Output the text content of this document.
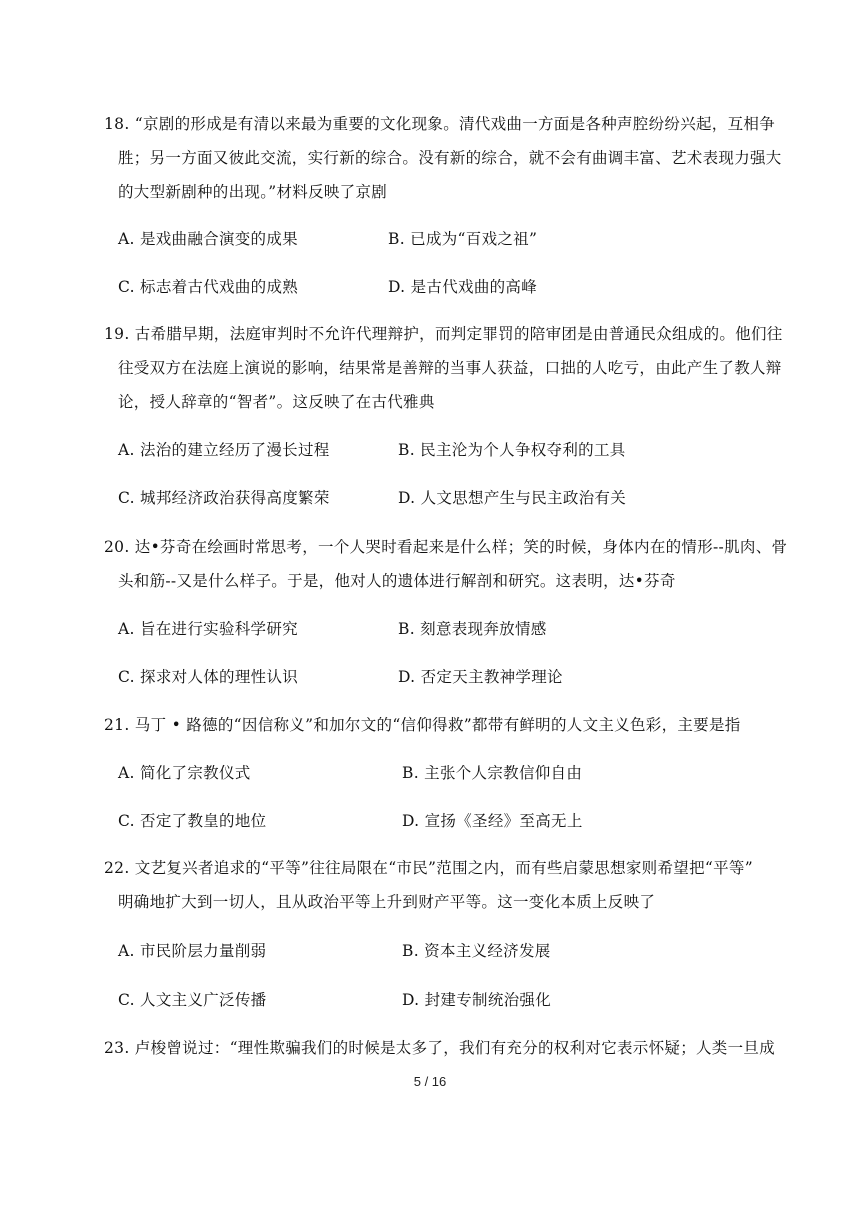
18. “京剧的形成是有清以来最为重要的文化现象。清代戏曲一方面是各种声腔纷纷兴起，互相争
胜；另一方面又彼此交流，实行新的综合。没有新的综合，就不会有曲调丰富、艺术表现力强大
的大型新剧种的出现。”材料反映了京剧
A. 是戏曲融合演变的成果	B. 已成为“百戏之祖”
C. 标志着古代戏曲的成熟	D. 是古代戏曲的高峰
19. 古希腊早期，法庭审判时不允许代理辩护，而判定罪罚的陪审团是由普通民众组成的。他们往
往受双方在法庭上演说的影响，结果常是善辩的当事人获益，口拙的人吃亏，由此产生了教人辩
论，授人辞章的“智者”。这反映了在古代雅典
A. 法治的建立经历了漫长过程	B. 民主沦为个人争权夺利的工具
C. 城邦经济政治获得高度繁荣	D. 人文思想产生与民主政治有关
20. 达•芬奇在绘画时常思考，一个人哭时看起来是什么样；笑的时候，身体内在的情形--肌肉、骨
头和筋--又是什么样子。于是，他对人的遗体进行解剖和研究。这表明，达•芬奇
A. 旨在进行实验科学研究	B. 刻意表现奔放情感
C. 探求对人体的理性认识	D. 否定天主教神学理论
21. 马丁 • 路德的“因信称义”和加尔文的“信仰得救”都带有鲜明的人文主义色彩，主要是指
A. 简化了宗教仪式	B. 主张个人宗教信仰自由
C. 否定了教皇的地位	D. 宣扬《圣经》至高无上
22. 文艺复兴者追求的“平等”往往局限在“市民”范围之内，而有些启蒙思想家则希望把“平等”
明确地扩大到一切人，且从政治平等上升到财产平等。这一变化本质上反映了
A. 市民阶层力量削弱	B. 资本主义经济发展
C. 人文主义广泛传播	D. 封建专制统治强化
23. 卢梭曾说过：“理性欺骗我们的时候是太多了，我们有充分的权利对它表示怀疑；人类一旦成
5 / 16
